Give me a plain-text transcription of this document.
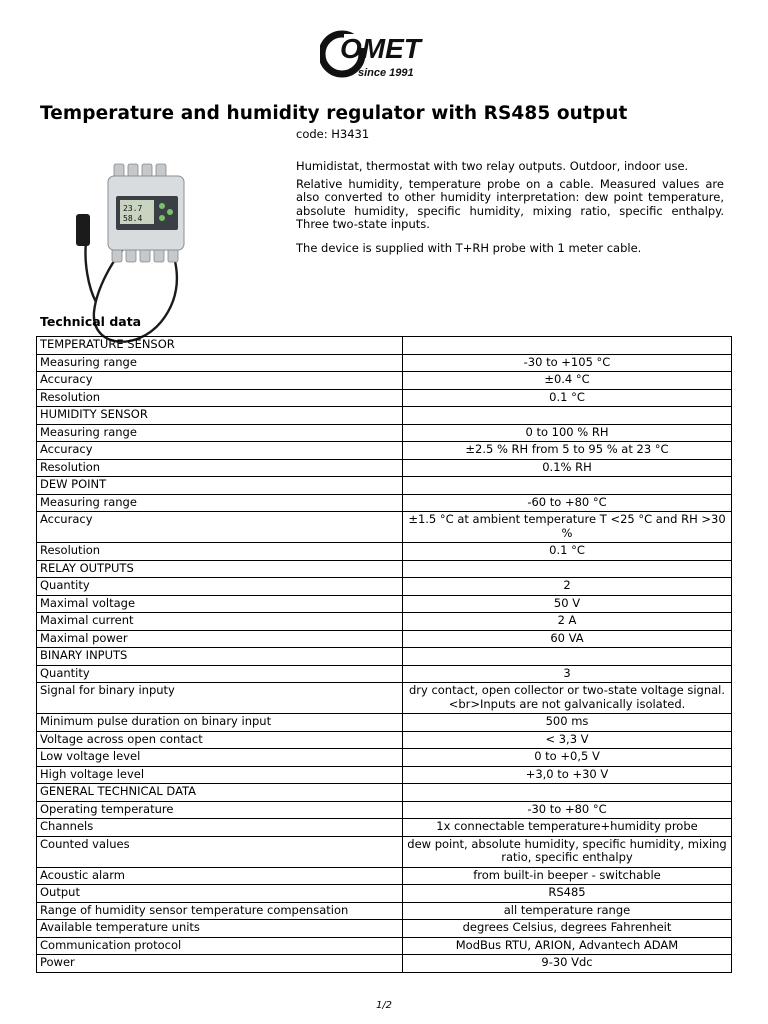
OMET
since 1991
Temperature and humidity regulator with RS485 output
code: H3431
23.7
58.4

Humidistat, thermostat with two relay outputs. Outdoor, indoor use.

Relative humidity, temperature probe on a cable. Measured values are also converted to other humidity interpretation: dew point temperature, absolute humidity, specific humidity, mixing ratio, specific enthalpy. Three two-state inputs.

The device is supplied with T+RH probe with 1 meter cable.

Technical data
TEMPERATURE SENSOR	
Measuring range	-30 to +105 °C
Accuracy	±0.4 °C
Resolution	0.1 °C
HUMIDITY SENSOR	
Measuring range	0 to 100 % RH
Accuracy	±2.5 % RH from 5 to 95 % at 23 °C
Resolution	0.1% RH
DEW POINT	
Measuring range	-60 to +80 °C
Accuracy	±1.5 °C at ambient temperature T <25 °C and RH >30 %
Resolution	0.1 °C
RELAY OUTPUTS	
Quantity	2
Maximal voltage	50 V
Maximal current	2 A
Maximal power	60 VA
BINARY INPUTS	
Quantity	3
Signal for binary inputy	dry contact, open collector or two-state voltage signal.<br>Inputs are not galvanically isolated.
Minimum pulse duration on binary input	500 ms
Voltage across open contact	< 3,3 V
Low voltage level	0 to +0,5 V
High voltage level	+3,0 to +30 V
GENERAL TECHNICAL DATA	
Operating temperature	-30 to +80 °C
Channels	1x connectable temperature+humidity probe
Counted values	dew point, absolute humidity, specific humidity, mixing ratio, specific enthalpy
Acoustic alarm	from built-in beeper - switchable
Output	RS485
Range of humidity sensor temperature compensation	all temperature range
Available temperature units	degrees Celsius, degrees Fahrenheit
Communication protocol	ModBus RTU, ARION, Advantech ADAM
Power	9-30 Vdc
1/2
